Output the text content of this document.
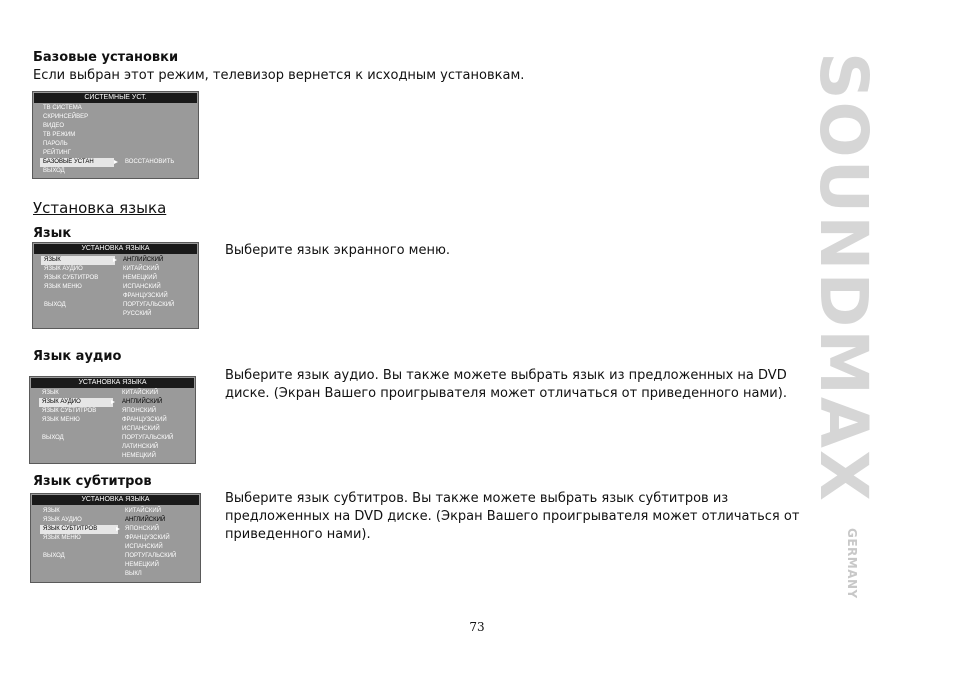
Базовые установки
Если выбран этот режим, телевизор вернется к исходным установкам.
СИСТЕМНЫЕ УСТ.
ТВ СИСТЕМА
СКРИНСЕЙВЕР
ВИДЕО
ТВ РЕЖИМ
ПАРОЛЬ
РЕЙТИНГ
БАЗОВЫЕ УСТАН	ВОССТАНОВИТЬ
ВЫХОД
Установка языка
Язык
Выберите язык экранного меню.
УСТАНОВКА ЯЗЫКА
ЯЗЫК
ЯЗЫК АУДИО
ЯЗЫК СУБТИТРОВ
ЯЗЫК МЕНЮ
ВЫХОД
АНГЛИЙСКИЙ
КИТАЙСКИЙ
НЕМЕЦКИЙ
ИСПАНСКИЙ
ФРАНЦУЗСКИЙ
ПОРТУГАЛЬСКИЙ
РУССКИЙ
Язык аудио
Выберите язык аудио. Вы также можете выбрать язык из предложенных на DVD диске. (Экран Вашего проигрывателя может отличаться от приведенного нами).
УСТАНОВКА ЯЗЫКА
ЯЗЫК
ЯЗЫК АУДИО
ЯЗЫК СУБТИТРОВ
ЯЗЫК МЕНЮ
ВЫХОД
КИТАЙСКИЙ
АНГЛИЙСКИЙ
ЯПОНСКИЙ
ФРАНЦУЗСКИЙ
ПОРТУГАЛЬСКИЙ
ЛАТИНСКИЙ
ИСПАНСКИЙ
НЕМЕЦКИЙ
Язык субтитров
Выберите язык субтитров. Вы также можете выбрать язык субтитров из предложенных на DVD диске. (Экран Вашего проигрывателя может отличаться от приведенного нами).
УСТАНОВКА ЯЗЫКА
ЯЗЫК
ЯЗЫК АУДИО
ЯЗЫК СУБТИТРОВ
ЯЗЫК МЕНЮ
ВЫХОД
КИТАЙСКИЙ
АНГЛИЙСКИЙ
ЯПОНСКИЙ
ФРАНЦУЗСКИЙ
ИСПАНСКИЙ
ПОРТУГАЛЬСКИЙ
НЕМЕЦКИЙ
ВЫКЛ
SOUNDMAX
GERMANY
73
